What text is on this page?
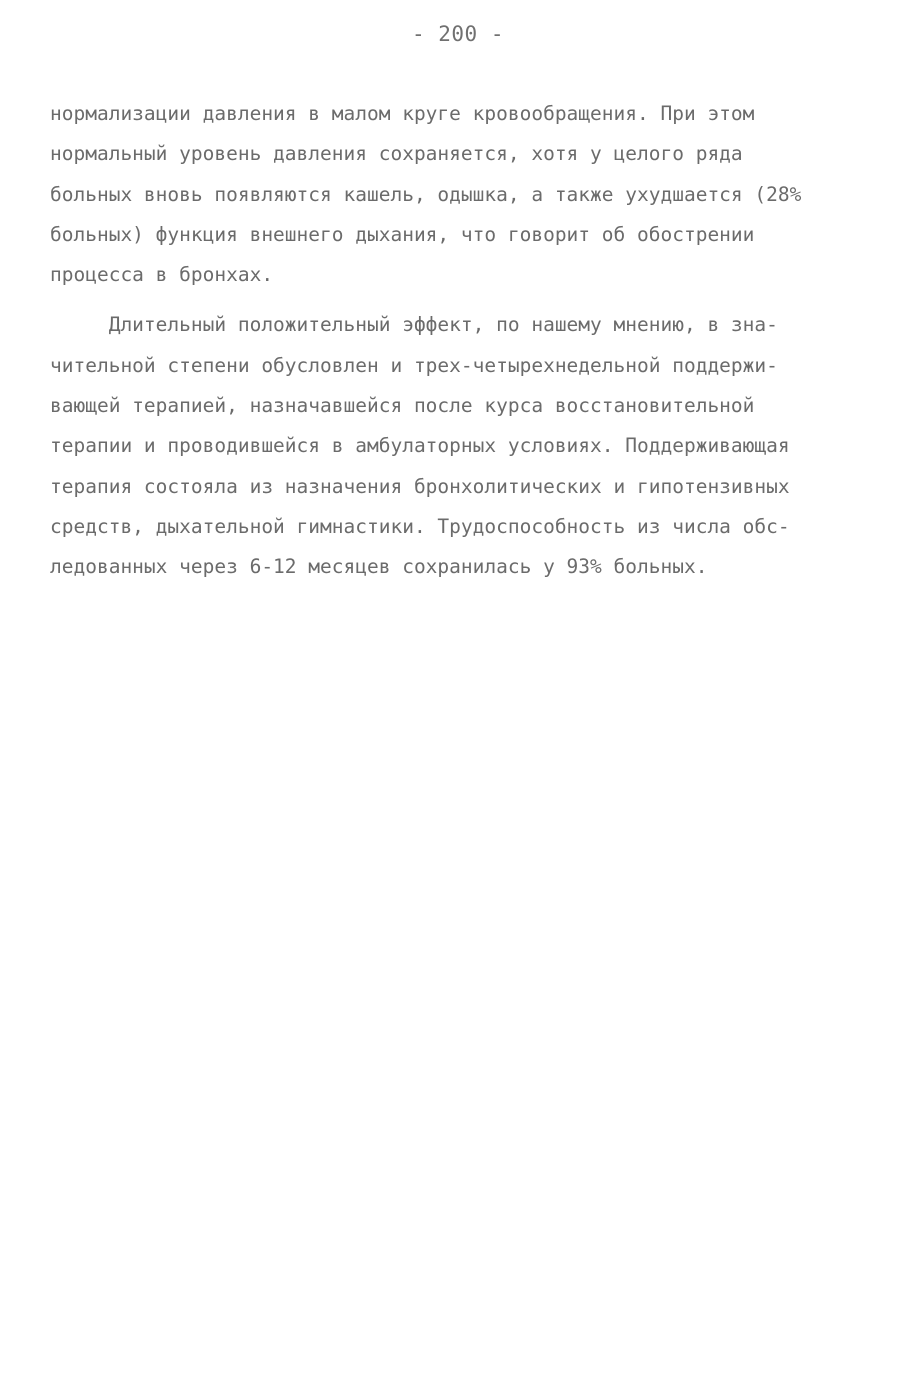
- 200 -
нормализации давления в малом круге кровообращения. При этом
нормальный уровень давления сохраняется, хотя у целого ряда
больных вновь появляются кашель, одышка, а также ухудшается (28%
больных) функция внешнего дыхания, что говорит об обострении
процесса в бронхах.
Длительный положительный эффект, по нашему мнению, в зна-
чительной степени обусловлен и трех-четырехнедельной поддержи-
вающей терапией, назначавшейся после курса восстановительной
терапии и проводившейся в амбулаторных условиях. Поддерживающая
терапия состояла из назначения бронхолитических и гипотензивных
средств, дыхательной гимнастики. Трудоспособность из числа обс-
ледованных через 6-12 месяцев сохранилась у 93% больных.
